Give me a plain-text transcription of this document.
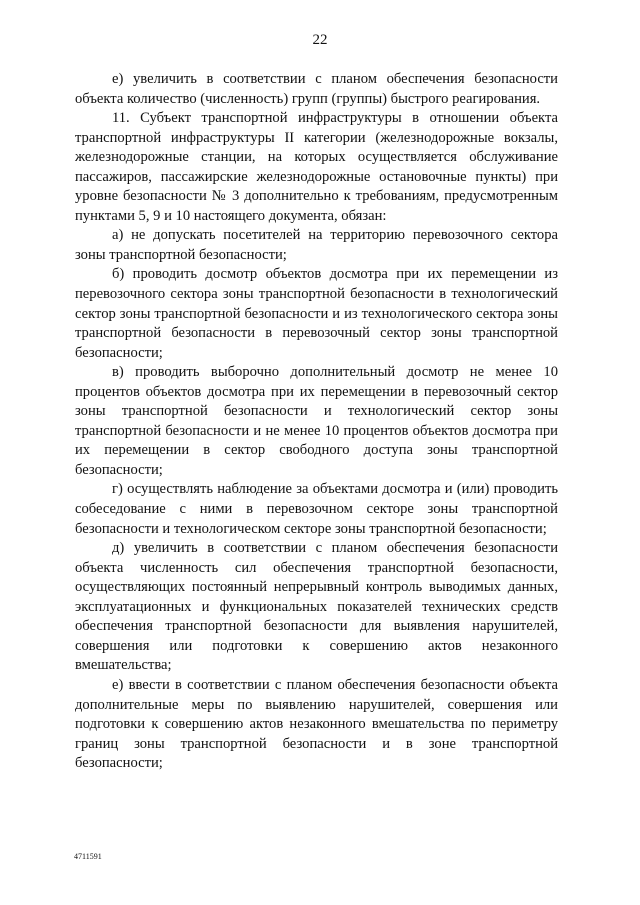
22

е) увеличить в соответствии с планом обеспечения безопасности объекта количество (численность) групп (группы) быстрого реагирования.

11. Субъект транспортной инфраструктуры в отношении объекта транспортной инфраструктуры II категории (железнодорожные вокзалы, железнодорожные станции, на которых осуществляется обслуживание пассажиров, пассажирские железнодорожные остановочные пункты) при уровне безопасности № 3 дополнительно к требованиям, предусмотренным пунктами 5, 9 и 10 настоящего документа, обязан:

а) не допускать посетителей на территорию перевозочного сектора зоны транспортной безопасности;

б) проводить досмотр объектов досмотра при их перемещении из перевозочного сектора зоны транспортной безопасности в технологический сектор зоны транспортной безопасности и из технологического сектора зоны транспортной безопасности в перевозочный сектор зоны транспортной безопасности;

в) проводить выборочно дополнительный досмотр не менее 10 процентов объектов досмотра при их перемещении в перевозочный сектор зоны транспортной безопасности и технологический сектор зоны транспортной безопасности и не менее 10 процентов объектов досмотра при их перемещении в сектор свободного доступа зоны транспортной безопасности;

г) осуществлять наблюдение за объектами досмотра и (или) проводить собеседование с ними в перевозочном секторе зоны транспортной безопасности и технологическом секторе зоны транспортной безопасности;

д) увеличить в соответствии с планом обеспечения безопасности объекта численность сил обеспечения транспортной безопасности, осуществляющих постоянный непрерывный контроль выводимых данных, эксплуатационных и функциональных показателей технических средств обеспечения транспортной безопасности для выявления нарушителей, совершения или подготовки к совершению актов незаконного вмешательства;

е) ввести в соответствии с планом обеспечения безопасности объекта дополнительные меры по выявлению нарушителей, совершения или подготовки к совершению актов незаконного вмешательства по периметру границ зоны транспортной безопасности и в зоне транспортной безопасности;

4711591
